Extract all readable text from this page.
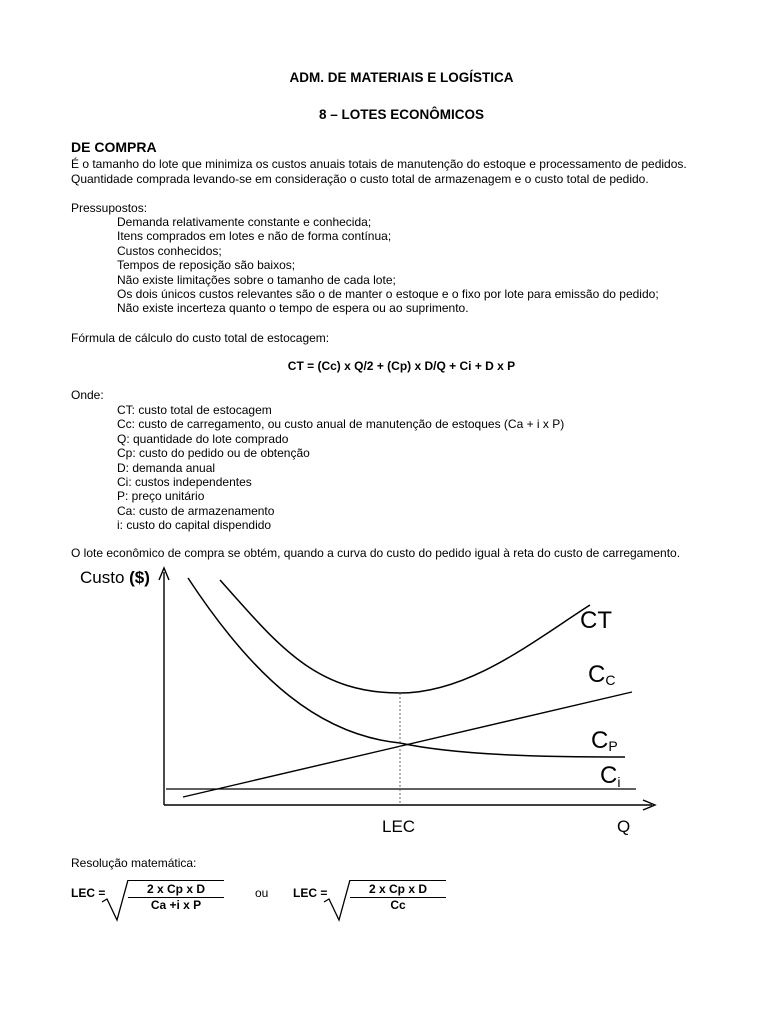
ADM. DE MATERIAIS E LOGÍSTICA
8 – LOTES ECONÔMICOS
DE COMPRA
É o tamanho do lote que minimiza os custos anuais totais de manutenção do estoque e processamento de pedidos.
Quantidade comprada levando-se em consideração o custo total de armazenagem e o custo total de pedido.
Pressupostos:
Demanda relativamente constante e conhecida;
Itens comprados em lotes e não de forma contínua;
Custos conhecidos;
Tempos de reposição são baixos;
Não existe limitações sobre o tamanho de cada lote;
Os dois únicos custos relevantes são o de manter o estoque e o fixo por lote para emissão do pedido;
Não existe incerteza quanto o tempo de espera ou ao suprimento.
Fórmula de cálculo do custo total de estocagem:
CT = (Cc) x Q/2 + (Cp) x D/Q + Ci + D x P
Onde:
CT: custo total de estocagem
Cc: custo de carregamento, ou custo anual de manutenção de estoques (Ca + i x P)
Q: quantidade do lote comprado
Cp: custo do pedido ou de obtenção
D: demanda anual
Ci: custos independentes
P: preço unitário
Ca: custo de armazenamento
i: custo do capital dispendido
O lote econômico de compra se obtém, quando a curva do custo do pedido igual à reta do custo de carregamento.
Custo ($)
Q
LEC
CT
CC
CP
Ci
Resolução matemática:
LEC = $\frac{\text{2 x Cp x D}}{\text{Ca +i x P}}$	ou LEC = $\frac{\text{2 x Cp x D}}{Cc}$
